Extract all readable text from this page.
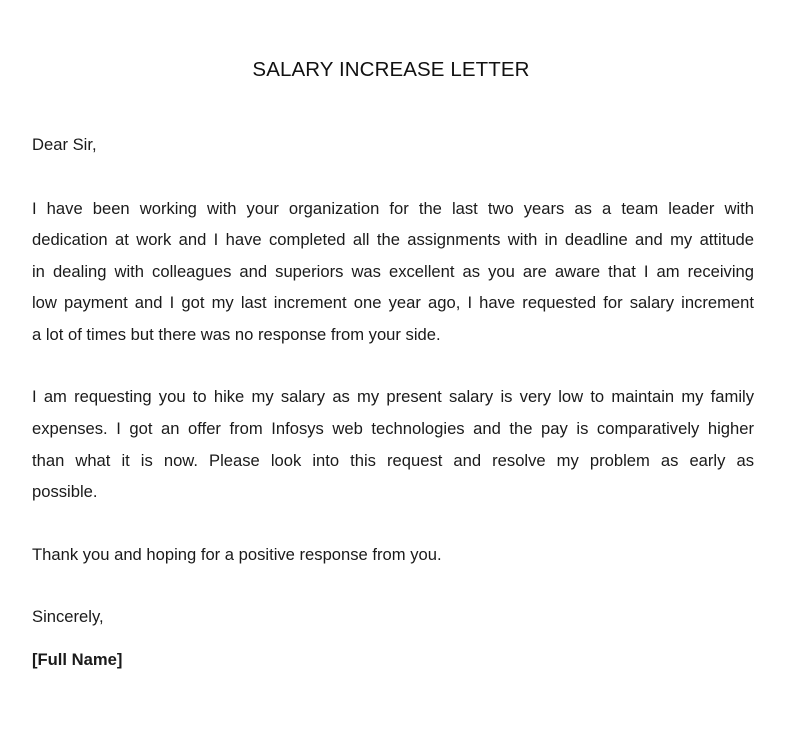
SALARY INCREASE LETTER
Dear Sir,
I have been working with your organization for the last two years as a team leader with
dedication at work and I have completed all the assignments with in deadline and my attitude
in dealing with colleagues and superiors was excellent as you are aware that I am receiving
low payment and I got my last increment one year ago, I have requested for salary increment
a lot of times but there was no response from your side.
I am requesting you to hike my salary as my present salary is very low to maintain my family
expenses. I got an offer from Infosys web technologies and the pay is comparatively higher
than what it is now. Please look into this request and resolve my problem as early as
possible.
Thank you and hoping for a positive response from you.
Sincerely,
[Full Name]
